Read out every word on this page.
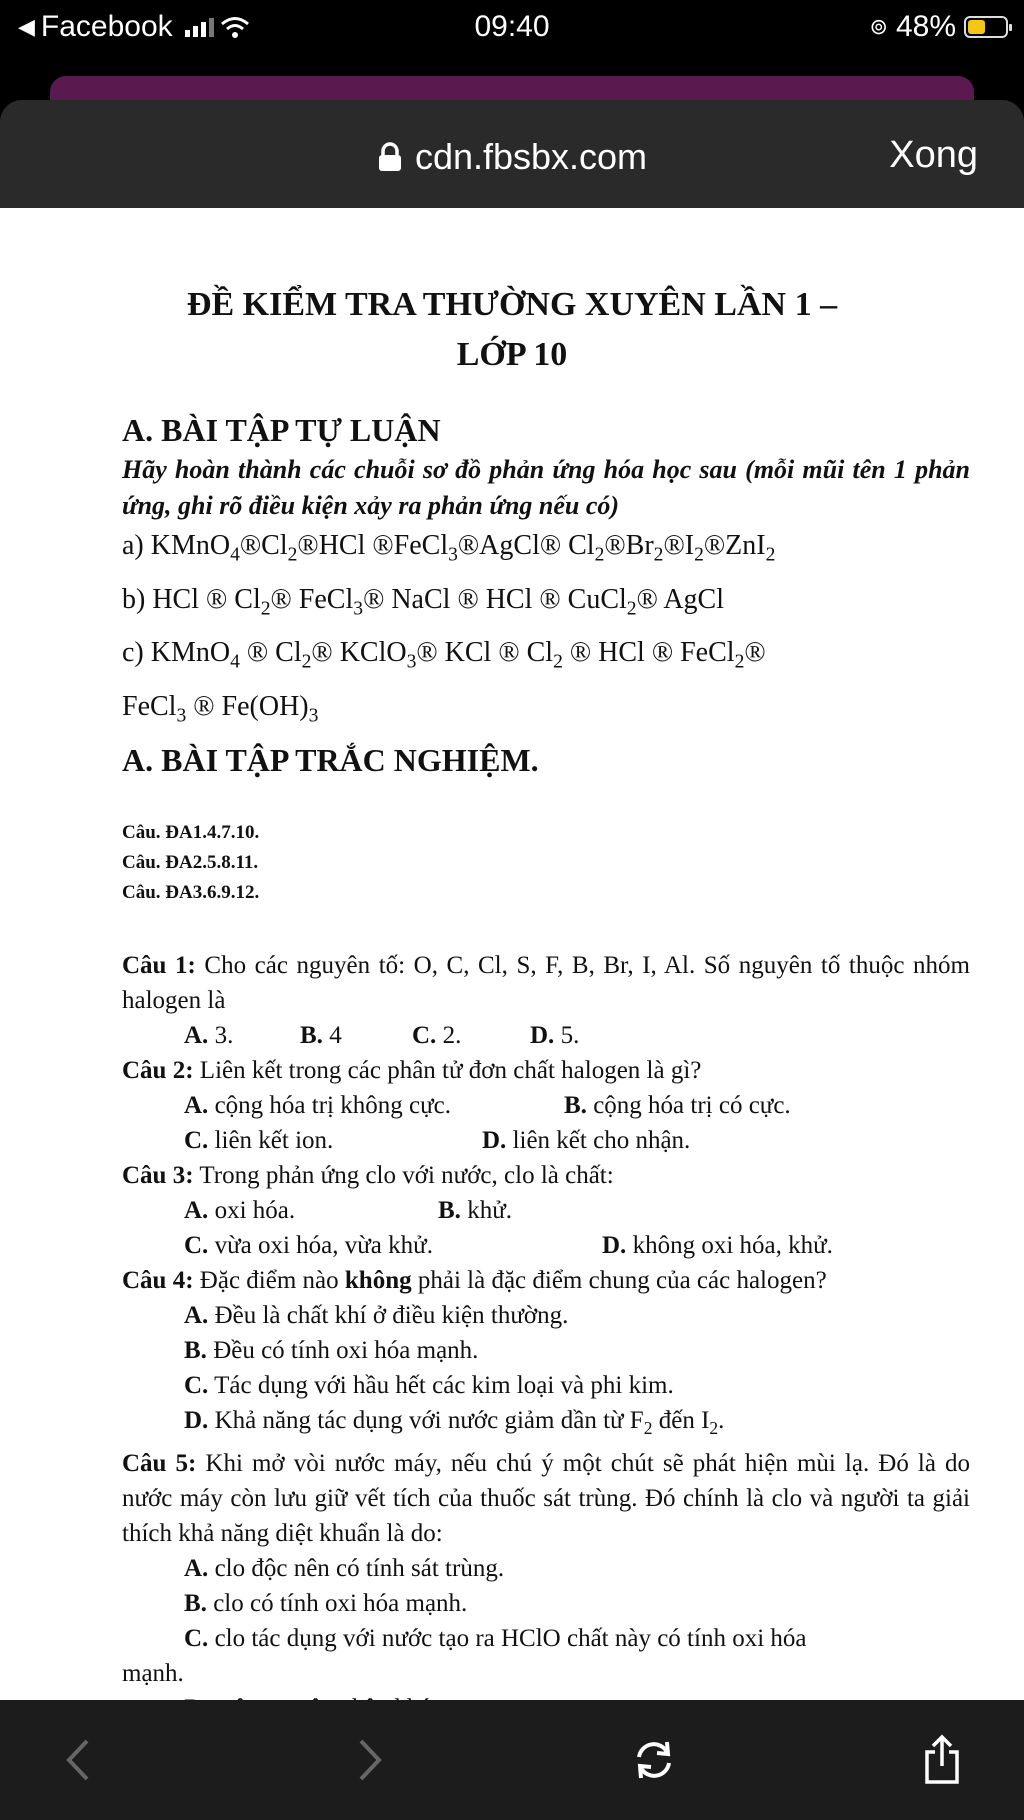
◀ Facebook	09:40	⊚ 48%
cdn.fbsbx.com	Xong
ĐỀ KIỂM TRA THƯỜNG XUYÊN LẦN 1 –
LỚP 10

A. BÀI TẬP TỰ LUẬN

Hãy hoàn thành các chuỗi sơ đồ phản ứng hóa học sau (mỗi mũi tên 1 phản ứng, ghi rõ điều kiện xảy ra phản ứng nếu có)

a) $KMnO_4®Cl_2®HCl$ ®FeCl$_3$®AgCl® $Cl_2®Br_2®I_2®ZnI_2$

b) HCl ® $Cl_2®$ FeCl$_3$® NaCl ® HCl ® CuCl$_2$® AgCl

c) KMnO$_4$ ® $Cl_2®$ KClO$_3$® KCl ® $Cl_2$ ® HCl ® FeCl$_2$®
FeCl$_3$ ® $Fe(OH)_3$

A. BÀI TẬP TRẮC NGHIỆM.

Câu. ĐA1.4.7.10.
Câu. ĐA2.5.8.11.
Câu. ĐA3.6.9.12.

Câu 1: Cho các nguyên tố: O, C, Cl, S, F, B, Br, I, Al. Số nguyên tố thuộc nhóm halogen là

A. 3.	B. 4	C. 2.	D. 5.

Câu 2: Liên kết trong các phân tử đơn chất halogen là gì?

A. cộng hóa trị không cực.	B. cộng hóa trị có cực.
C. liên kết ion.	D. liên kết cho nhận.

Câu 3: Trong phản ứng clo với nước, clo là chất:

A. oxi hóa.	B. khử.
C. vừa oxi hóa, vừa khử.	D. không oxi hóa, khử.

Câu 4: Đặc điểm nào không phải là đặc điểm chung của các halogen?

A. Đều là chất khí ở điều kiện thường.

B. Đều có tính oxi hóa mạnh.

C. Tác dụng với hầu hết các kim loại và phi kim.

D. Khả năng tác dụng với nước giảm dần từ $F_2$ đến $I_2$.

Câu 5: Khi mở vòi nước máy, nếu chú ý một chút sẽ phát hiện mùi lạ. Đó là do nước máy còn lưu giữ vết tích của thuốc sát trùng. Đó chính là clo và người ta giải thích khả năng diệt khuẩn là do:

A. clo độc nên có tính sát trùng.

B. clo có tính oxi hóa mạnh.

C. clo tác dụng với nước tạo ra HClO chất này có tính oxi hóa

mạnh.
